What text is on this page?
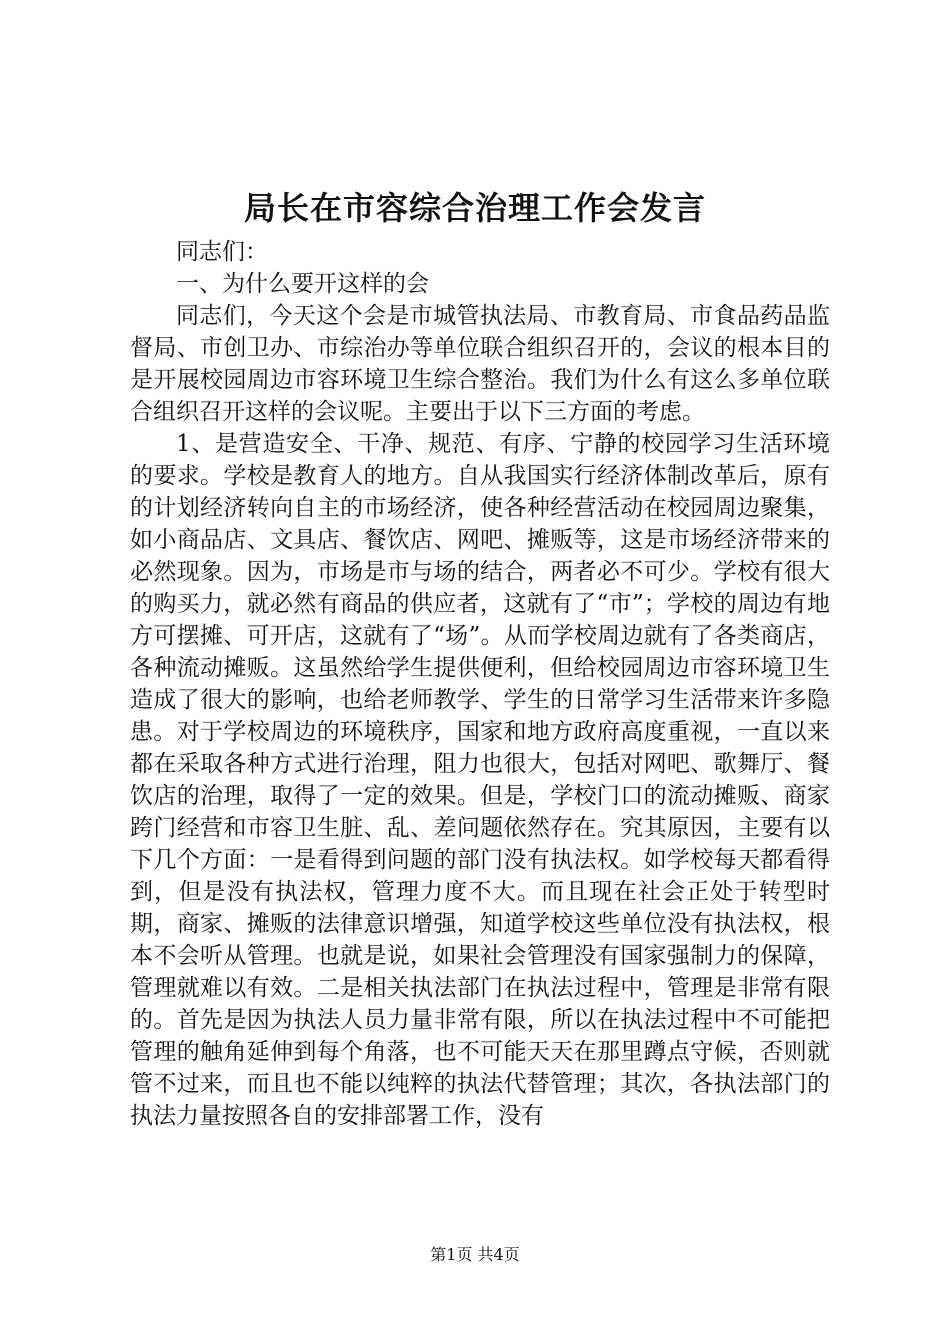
局长在市容综合治理工作会发言

同志们：

一、为什么要开这样的会

同志们，今天这个会是市城管执法局、市教育局、市食品药品监督局、市创卫办、市综治办等单位联合组织召开的，会议的根本目的是开展校园周边市容环境卫生综合整治。我们为什么有这么多单位联合组织召开这样的会议呢。主要出于以下三方面的考虑。

1、是营造安全、干净、规范、有序、宁静的校园学习生活环境的要求。学校是教育人的地方。自从我国实行经济体制改革后，原有的计划经济转向自主的市场经济，使各种经营活动在校园周边聚集，如小商品店、文具店、餐饮店、网吧、摊贩等，这是市场经济带来的必然现象。因为，市场是市与场的结合，两者必不可少。学校有很大的购买力，就必然有商品的供应者，这就有了“市”；学校的周边有地方可摆摊、可开店，这就有了“场”。从而学校周边就有了各类商店，各种流动摊贩。这虽然给学生提供便利，但给校园周边市容环境卫生造成了很大的影响，也给老师教学、学生的日常学习生活带来许多隐患。对于学校周边的环境秩序，国家和地方政府高度重视，一直以来都在采取各种方式进行治理，阻力也很大，包括对网吧、歌舞厅、餐饮店的治理，取得了一定的效果。但是，学校门口的流动摊贩、商家跨门经营和市容卫生脏、乱、差问题依然存在。究其原因，主要有以下几个方面：一是看得到问题的部门没有执法权。如学校每天都看得到，但是没有执法权，管理力度不大。而且现在社会正处于转型时期，商家、摊贩的法律意识增强，知道学校这些单位没有执法权，根本不会听从管理。也就是说，如果社会管理没有国家强制力的保障，管理就难以有效。二是相关执法部门在执法过程中，管理是非常有限的。首先是因为执法人员力量非常有限，所以在执法过程中不可能把管理的触角延伸到每个角落，也不可能天天在那里蹲点守候，否则就管不过来，而且也不能以纯粹的执法代替管理；其次，各执法部门的执法力量按照各自的安排部署工作，没有

第1页 共4页
